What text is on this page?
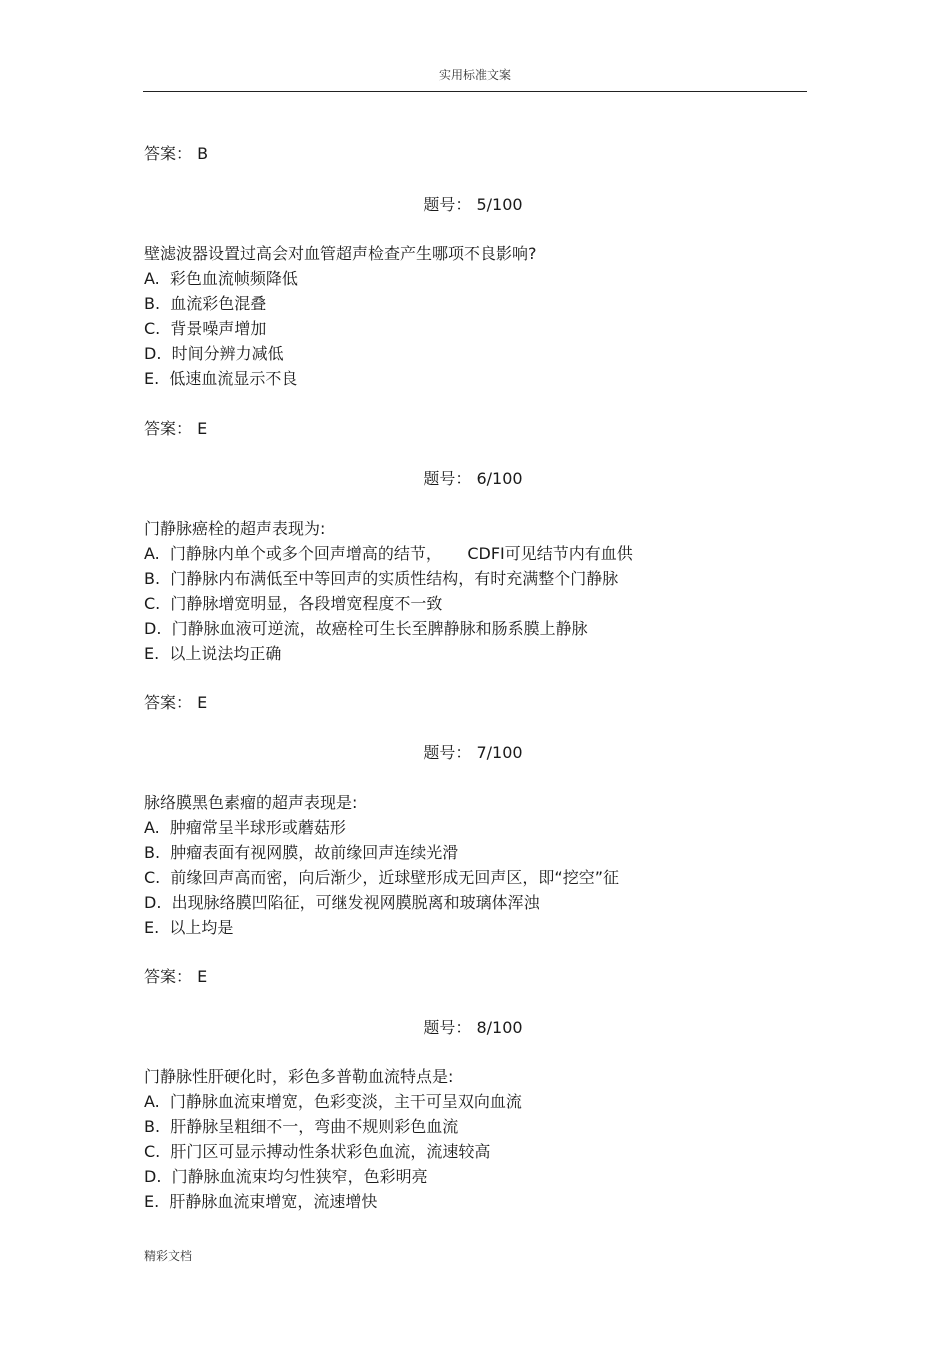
实用标准文案
答案： B
题号： 5/100
壁滤波器设置过高会对血管超声检查产生哪项不良影响?
A.  彩色血流帧频降低
B.  血流彩色混叠
C.  背景噪声增加
D.  时间分辨力减低
E.  低速血流显示不良
答案： E
题号： 6/100
门静脉癌栓的超声表现为:
A.  门静脉内单个或多个回声增高的结节，     CDFI可见结节内有血供
B.  门静脉内布满低至中等回声的实质性结构，有时充满整个门静脉
C.  门静脉增宽明显，各段增宽程度不一致
D.  门静脉血液可逆流，故癌栓可生长至脾静脉和肠系膜上静脉
E.  以上说法均正确
答案： E
题号： 7/100
脉络膜黑色素瘤的超声表现是:
A.  肿瘤常呈半球形或蘑菇形
B.  肿瘤表面有视网膜，故前缘回声连续光滑
C.  前缘回声高而密，向后渐少，近球壁形成无回声区，即“挖空”征
D.  出现脉络膜凹陷征，可继发视网膜脱离和玻璃体浑浊
E.  以上均是
答案： E
题号： 8/100
门静脉性肝硬化时，彩色多普勒血流特点是:
A.  门静脉血流束增宽，色彩变淡，主干可呈双向血流
B.  肝静脉呈粗细不一，弯曲不规则彩色血流
C.  肝门区可显示搏动性条状彩色血流，流速较高
D.  门静脉血流束均匀性狭窄，色彩明亮
E.  肝静脉血流束增宽，流速增快
精彩文档
